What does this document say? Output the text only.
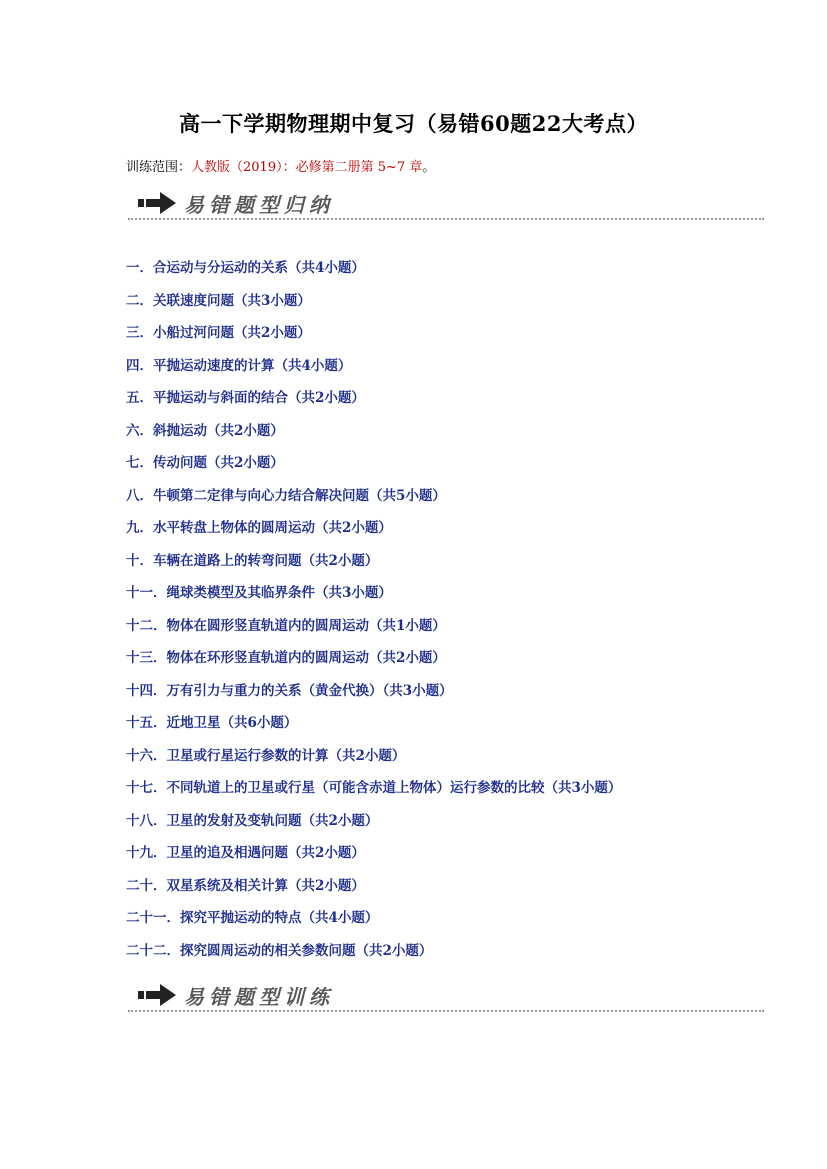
高一下学期物理期中复习（易错60题22大考点）
训练范围：人教版（2019）：必修第二册第 5~7 章。
易错题型归纳
一．合运动与分运动的关系（共4小题）
二．关联速度问题（共3小题）
三．小船过河问题（共2小题）
四．平抛运动速度的计算（共4小题）
五．平抛运动与斜面的结合（共2小题）
六．斜抛运动（共2小题）
七．传动问题（共2小题）
八．牛顿第二定律与向心力结合解决问题（共5小题）
九．水平转盘上物体的圆周运动（共2小题）
十．车辆在道路上的转弯问题（共2小题）
十一．绳球类模型及其临界条件（共3小题）
十二．物体在圆形竖直轨道内的圆周运动（共1小题）
十三．物体在环形竖直轨道内的圆周运动（共2小题）
十四．万有引力与重力的关系（黄金代换）（共3小题）
十五．近地卫星（共6小题）
十六．卫星或行星运行参数的计算（共2小题）
十七．不同轨道上的卫星或行星（可能含赤道上物体）运行参数的比较（共3小题）
十八．卫星的发射及变轨问题（共2小题）
十九．卫星的追及相遇问题（共2小题）
二十．双星系统及相关计算（共2小题）
二十一．探究平抛运动的特点（共4小题）
二十二．探究圆周运动的相关参数问题（共2小题）
易错题型训练
